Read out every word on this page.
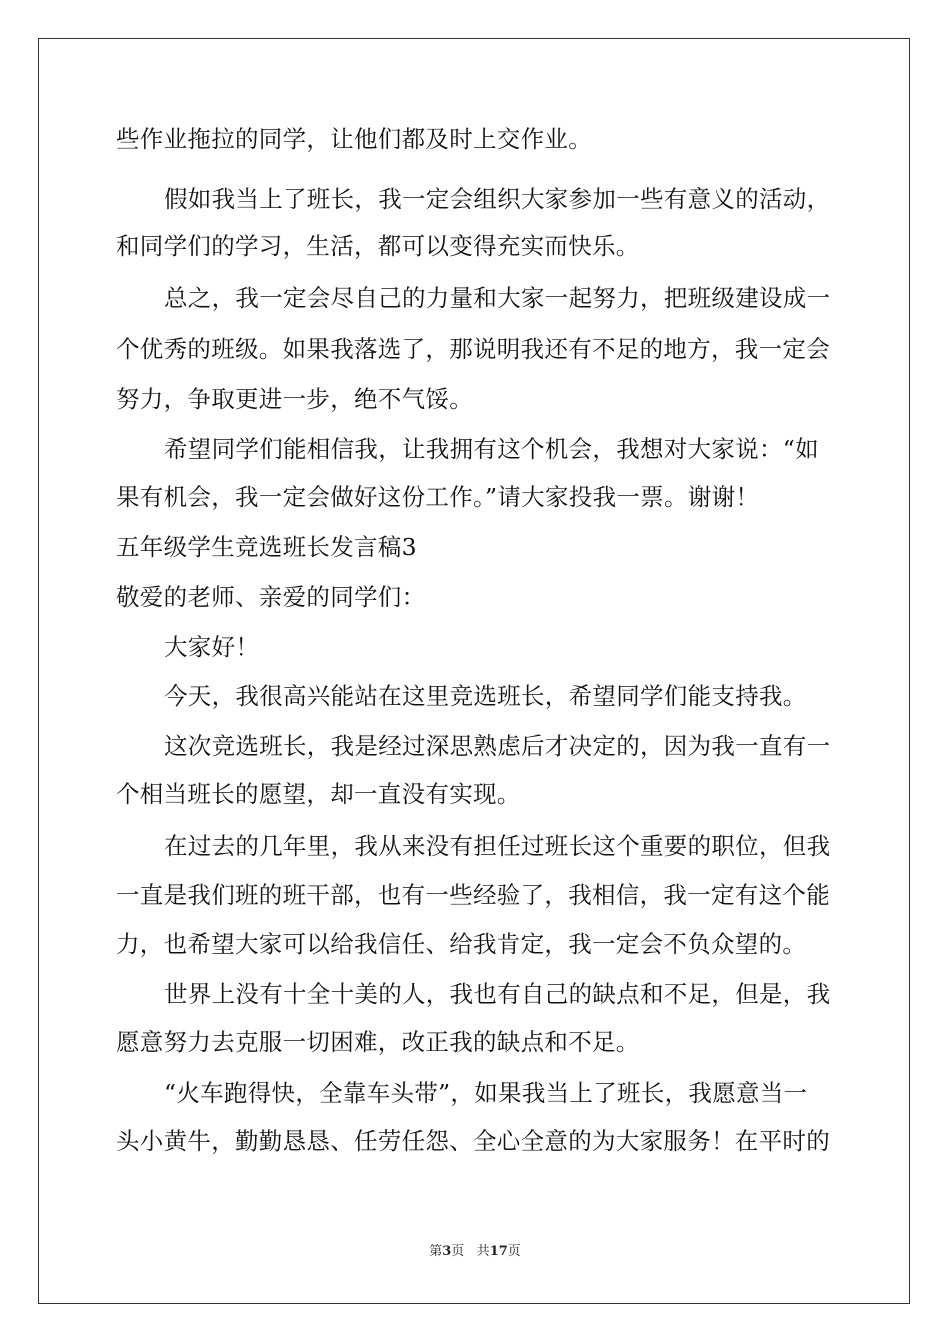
些作业拖拉的同学，让他们都及时上交作业。
假如我当上了班长，我一定会组织大家参加一些有意义的活动，
和同学们的学习，生活，都可以变得充实而快乐。
总之，我一定会尽自己的力量和大家一起努力，把班级建设成一
个优秀的班级。如果我落选了，那说明我还有不足的地方，我一定会
努力，争取更进一步，绝不气馁。
希望同学们能相信我，让我拥有这个机会，我想对大家说：“如
果有机会，我一定会做好这份工作。”请大家投我一票。谢谢！
五年级学生竞选班长发言稿3
敬爱的老师、亲爱的同学们：
大家好！
今天，我很高兴能站在这里竞选班长，希望同学们能支持我。
这次竞选班长，我是经过深思熟虑后才决定的，因为我一直有一
个相当班长的愿望，却一直没有实现。
在过去的几年里，我从来没有担任过班长这个重要的职位，但我
一直是我们班的班干部，也有一些经验了，我相信，我一定有这个能
力，也希望大家可以给我信任、给我肯定，我一定会不负众望的。
世界上没有十全十美的人，我也有自己的缺点和不足，但是，我
愿意努力去克服一切困难，改正我的缺点和不足。
“火车跑得快，全靠车头带”，如果我当上了班长，我愿意当一
头小黄牛，勤勤恳恳、任劳任怨、全心全意的为大家服务！在平时的
第3页 共17页
